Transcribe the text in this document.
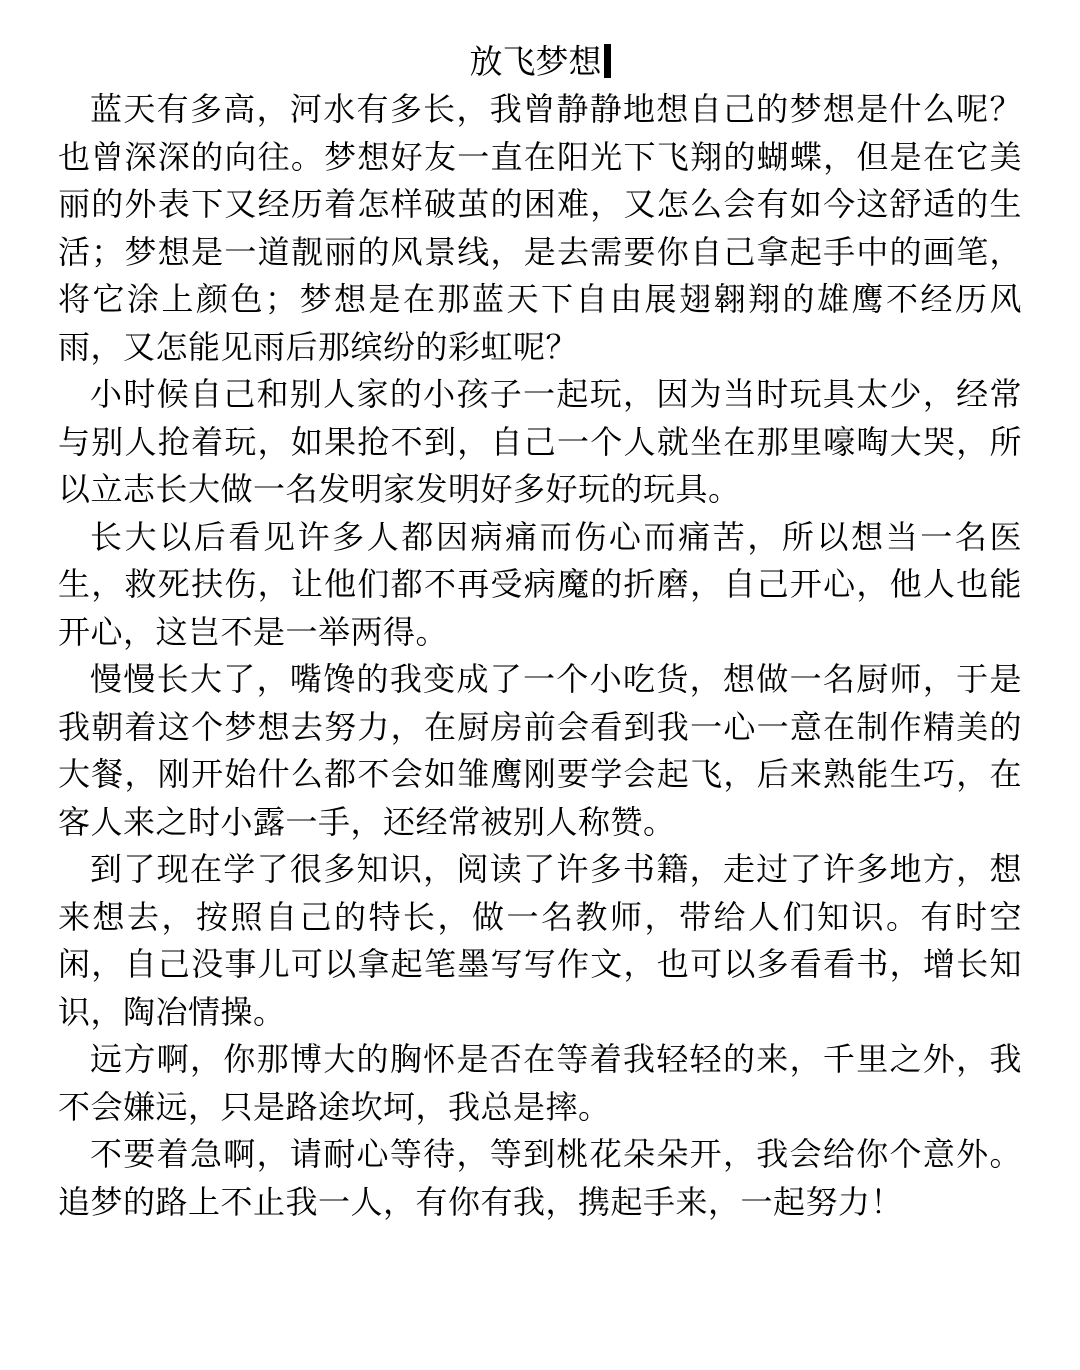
放飞梦想

蓝天有多高，河水有多长，我曾静静地想自己的梦想是什么呢？也曾深深的向往。梦想好友一直在阳光下飞翔的蝴蝶，但是在它美丽的外表下又经历着怎样破茧的困难，又怎么会有如今这舒适的生活；梦想是一道靓丽的风景线，是去需要你自己拿起手中的画笔，将它涂上颜色；梦想是在那蓝天下自由展翅翱翔的雄鹰不经历风雨，又怎能见雨后那缤纷的彩虹呢？

小时候自己和别人家的小孩子一起玩，因为当时玩具太少，经常与别人抢着玩，如果抢不到，自己一个人就坐在那里嚎啕大哭，所以立志长大做一名发明家发明好多好玩的玩具。

长大以后看见许多人都因病痛而伤心而痛苦，所以想当一名医生，救死扶伤，让他们都不再受病魔的折磨，自己开心，他人也能开心，这岂不是一举两得。

慢慢长大了，嘴馋的我变成了一个小吃货，想做一名厨师，于是我朝着这个梦想去努力，在厨房前会看到我一心一意在制作精美的大餐，刚开始什么都不会如雏鹰刚要学会起飞，后来熟能生巧，在客人来之时小露一手，还经常被别人称赞。

到了现在学了很多知识，阅读了许多书籍，走过了许多地方，想来想去，按照自己的特长，做一名教师，带给人们知识。有时空闲，自己没事儿可以拿起笔墨写写作文，也可以多看看书，增长知识，陶冶情操。

远方啊，你那博大的胸怀是否在等着我轻轻的来，千里之外，我不会嫌远，只是路途坎坷，我总是摔。

不要着急啊，请耐心等待，等到桃花朵朵开，我会给你个意外。追梦的路上不止我一人，有你有我，携起手来，一起努力！
